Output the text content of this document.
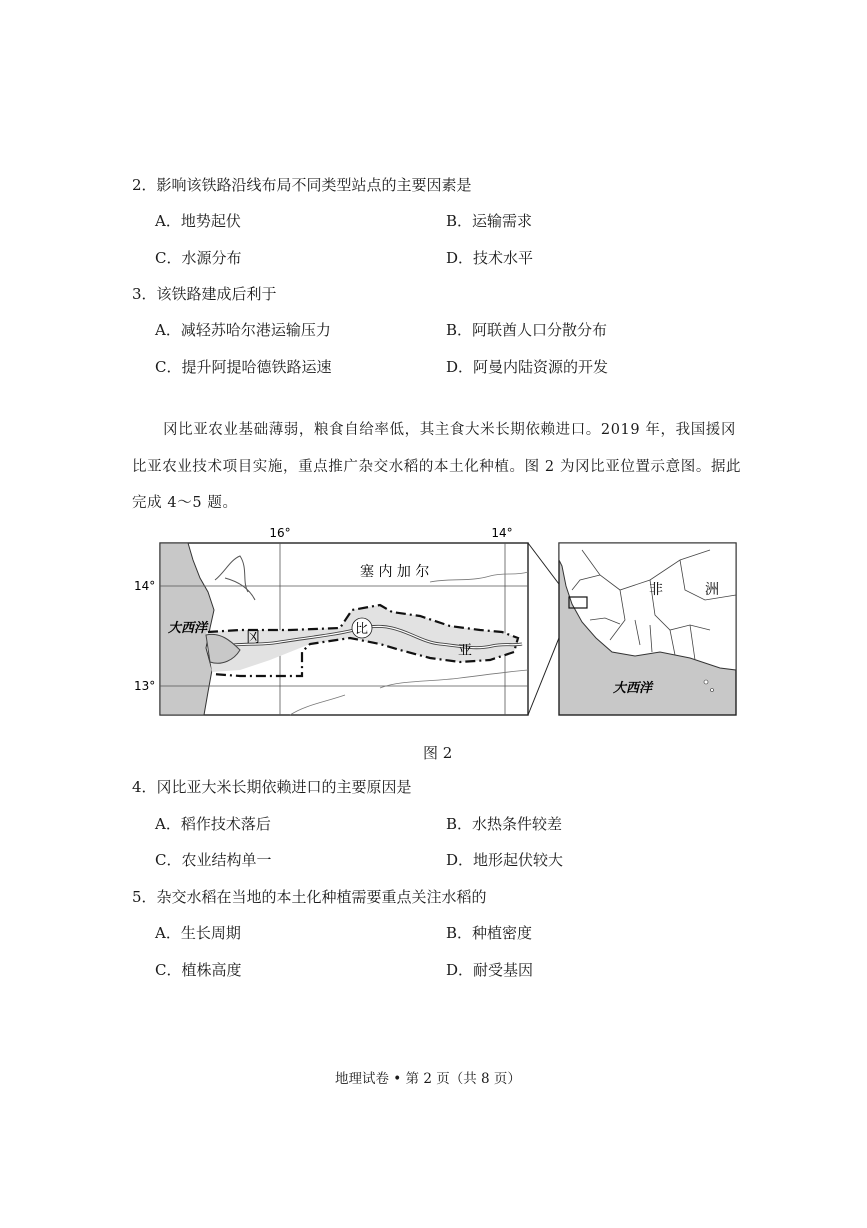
2．影响该铁路沿线布局不同类型站点的主要因素是
A．地势起伏	B．运输需求
C．水源分布	D．技术水平
3．该铁路建成后利于
A．减轻苏哈尔港运输压力	B．阿联酋人口分散分布
C．提升阿提哈德铁路运速	D．阿曼内陆资源的开发
冈比亚农业基础薄弱，粮食自给率低，其主食大米长期依赖进口。2019 年，我国援冈
比亚农业技术项目实施，重点推广杂交水稻的本土化种植。图 2 为冈比亚位置示意图。据此
完成 4～5 题。
16°	14°
14°
13°
塞 内 加 尔
大西洋
冈
比
亚
非	洲
大西洋
图 2
4．冈比亚大米长期依赖进口的主要原因是
A．稻作技术落后	B．水热条件较差
C．农业结构单一	D．地形起伏较大
5．杂交水稻在当地的本土化种植需要重点关注水稻的
A．生长周期	B．种植密度
C．植株高度	D．耐受基因
地理试卷 • 第 2 页（共 8 页）
